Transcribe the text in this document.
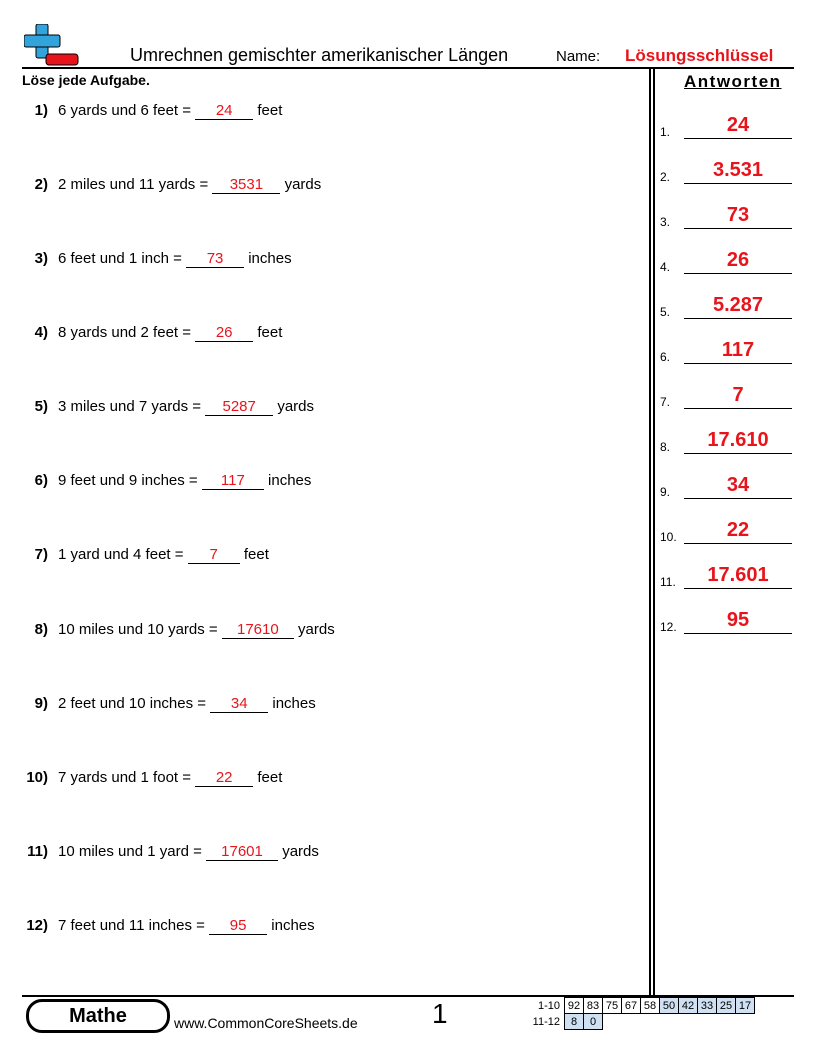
Umrechnen gemischter amerikanischer Längen	Name: Lösungsschlüssel
Löse jede Aufgabe.	Antworten
1) 6 yards und 6 feet = 24 feet
2) 2 miles und 11 yards = 3531 yards
3) 6 feet und 1 inch = 73 inches
4) 8 yards und 2 feet = 26 feet
5) 3 miles und 7 yards = 5287 yards
6) 9 feet und 9 inches = 117 inches
7) 1 yard und 4 feet = 7 feet
8) 10 miles und 10 yards = 17610 yards
9) 2 feet und 10 inches = 34 inches
10) 7 yards und 1 foot = 22 feet
11) 10 miles und 1 yard = 17601 yards
12) 7 feet und 11 inches = 95 inches
1.	24
2.	3.531
3.	73
4.	26
5.	5.287
6.	117
7.	7
8.	17.610
9.	34
10.	22
11.	17.601
12.	95
Mathe	www.CommonCoreSheets.de	1	1-10	92	83	75	67	58	50	42	33	25	17
11-12	8	0								
